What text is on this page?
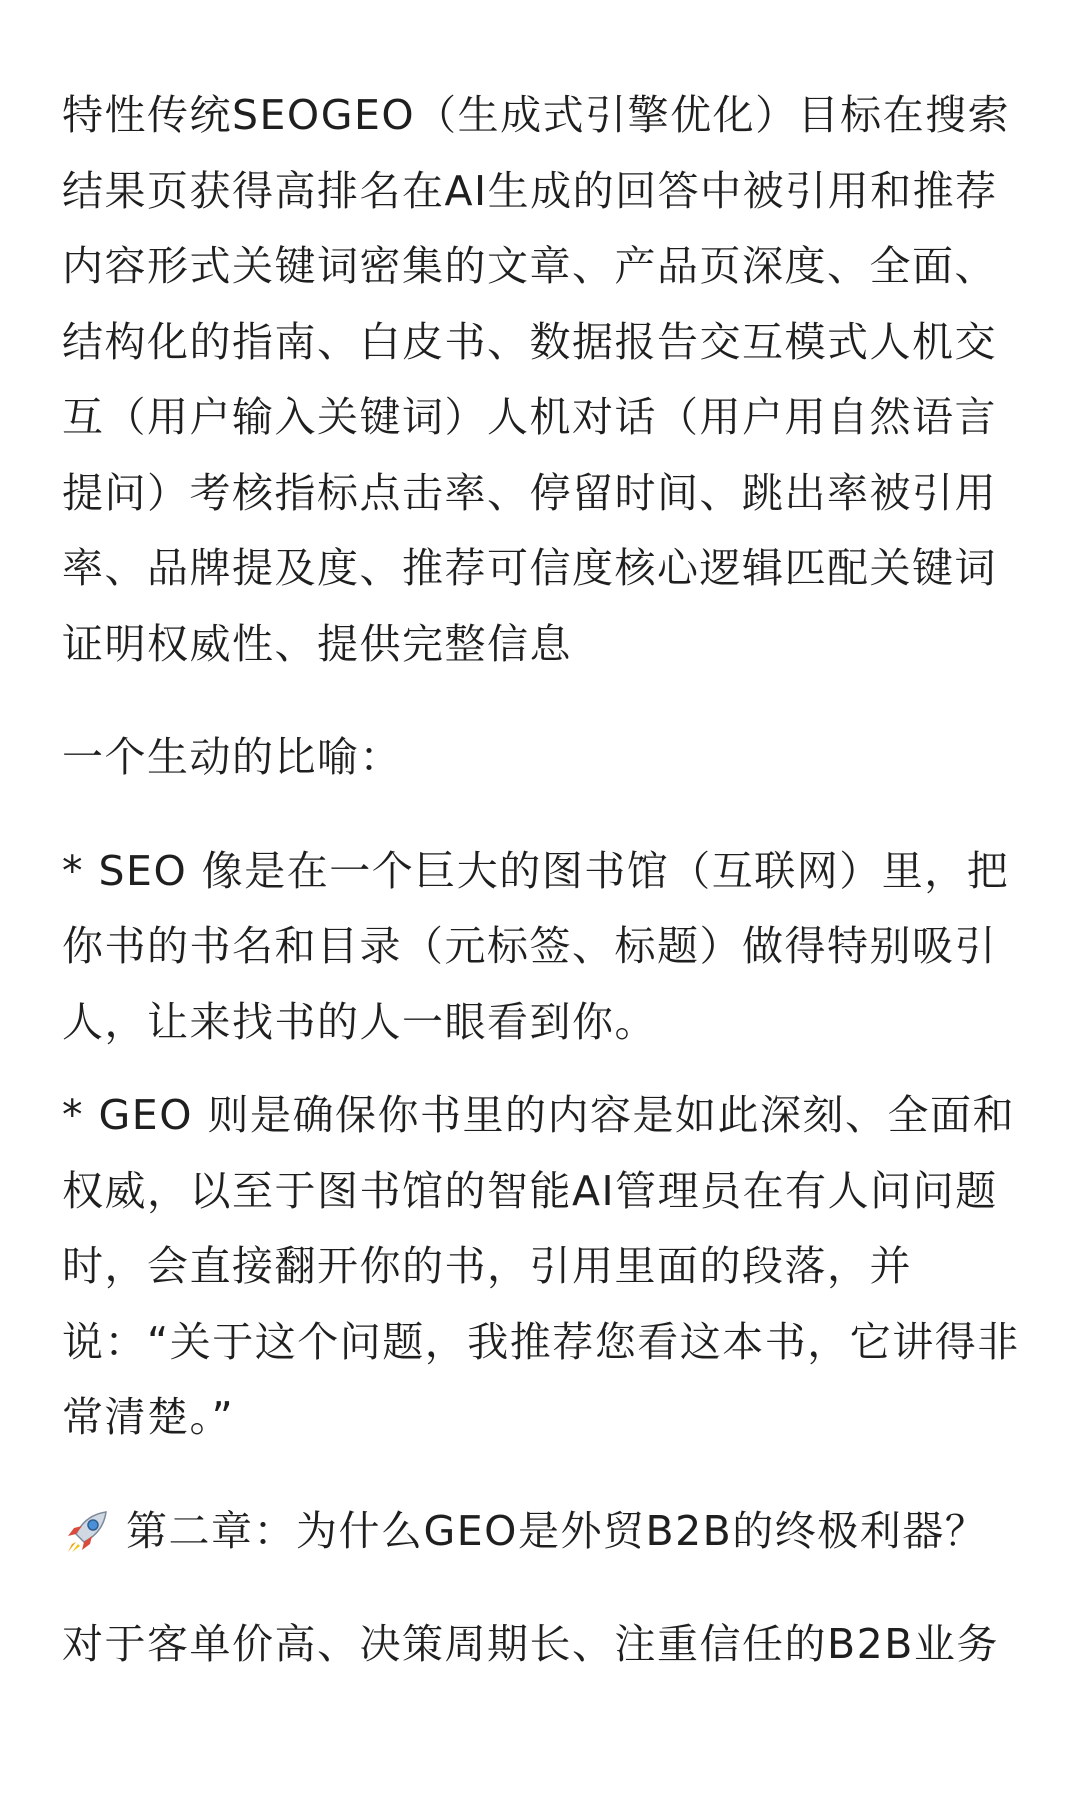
特性传统SEOGEO（生成式引擎优化）目标在搜索结果页获得高排名在AI生成的回答中被引用和推荐内容形式关键词密集的文章、产品页深度、全面、结构化的指南、白皮书、数据报告交互模式人机交互（用户输入关键词）人机对话（用户用自然语言提问）考核指标点击率、停留时间、跳出率被引用率、品牌提及度、推荐可信度核心逻辑匹配关键词证明权威性、提供完整信息

一个生动的比喻：

* SEO 像是在一个巨大的图书馆（互联网）里，把你书的书名和目录（元标签、标题）做得特别吸引人，让来找书的人一眼看到你。

* GEO 则是确保你书里的内容是如此深刻、全面和权威，以至于图书馆的智能AI管理员在有人问问题时，会直接翻开你的书，引用里面的段落，并说：“关于这个问题，我推荐您看这本书，它讲得非常清楚。”

第二章：为什么GEO是外贸B2B的终极利器？

对于客单价高、决策周期长、注重信任的B2B业务
